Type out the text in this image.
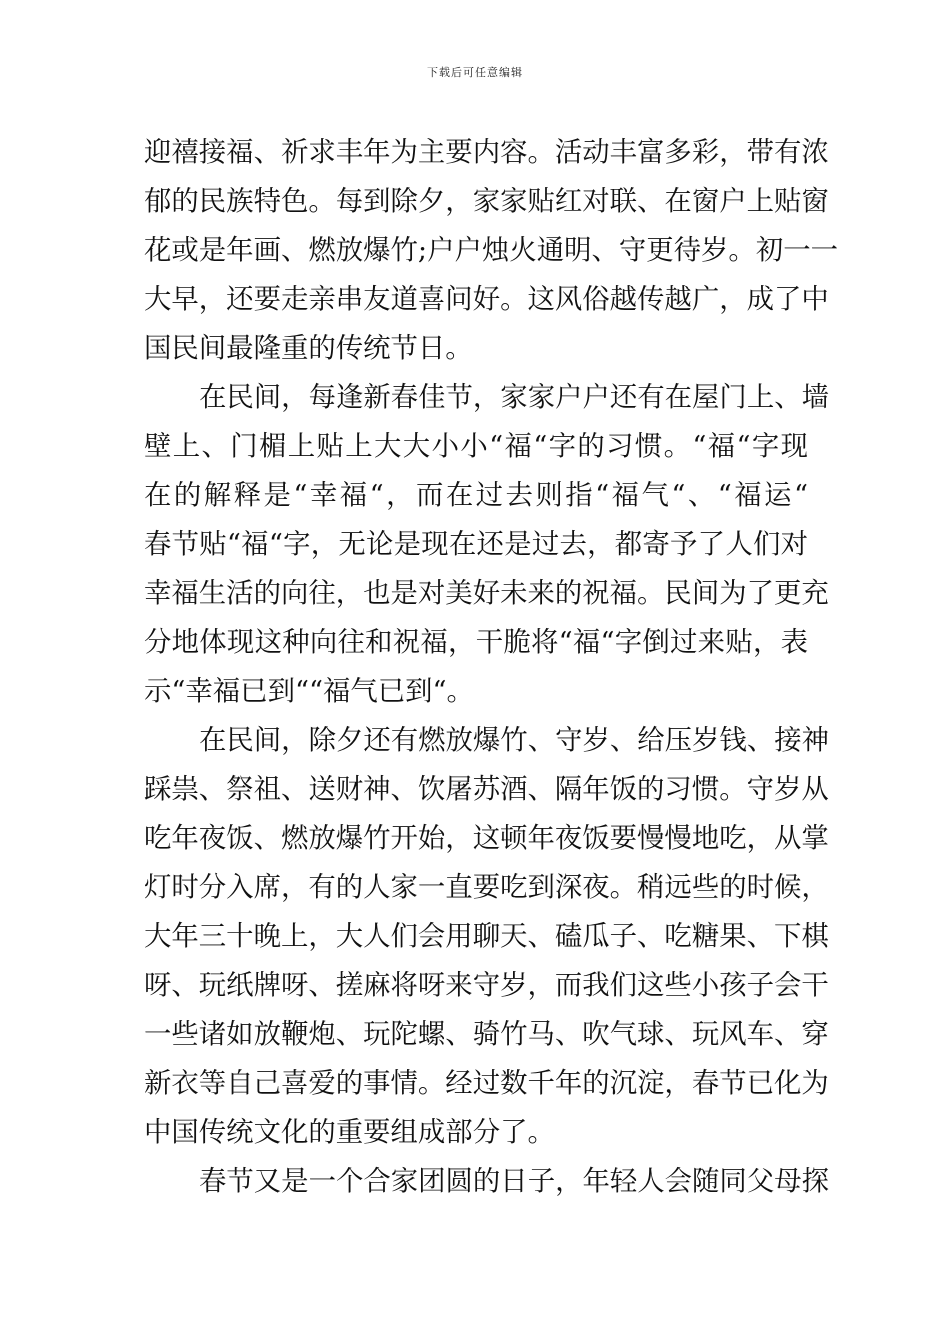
下载后可任意编辑
迎禧接福、祈求丰年为主要内容。活动丰富多彩，带有浓
郁的民族特色。每到除夕，家家贴红对联、在窗户上贴窗
花或是年画、燃放爆竹;户户烛火通明、守更待岁。初一一
大早，还要走亲串友道喜问好。这风俗越传越广，成了中
国民间最隆重的传统节日。
在民间，每逢新春佳节，家家户户还有在屋门上、墙
壁上、门楣上贴上大大小小“福“字的习惯。“福“字现
在的解释是“幸福“，而在过去则指“福气“、“福运“
春节贴“福“字，无论是现在还是过去，都寄予了人们对
幸福生活的向往，也是对美好未来的祝福。民间为了更充
分地体现这种向往和祝福，干脆将“福“字倒过来贴，表
示“幸福已到““福气已到“。
在民间，除夕还有燃放爆竹、守岁、给压岁钱、接神
踩祟、祭祖、送财神、饮屠苏酒、隔年饭的习惯。守岁从
吃年夜饭、燃放爆竹开始，这顿年夜饭要慢慢地吃，从掌
灯时分入席，有的人家一直要吃到深夜。稍远些的时候，
大年三十晚上，大人们会用聊天、磕瓜子、吃糖果、下棋
呀、玩纸牌呀、搓麻将呀来守岁，而我们这些小孩子会干
一些诸如放鞭炮、玩陀螺、骑竹马、吹气球、玩风车、穿
新衣等自己喜爱的事情。经过数千年的沉淀，春节已化为
中国传统文化的重要组成部分了。
春节又是一个合家团圆的日子，年轻人会随同父母探
